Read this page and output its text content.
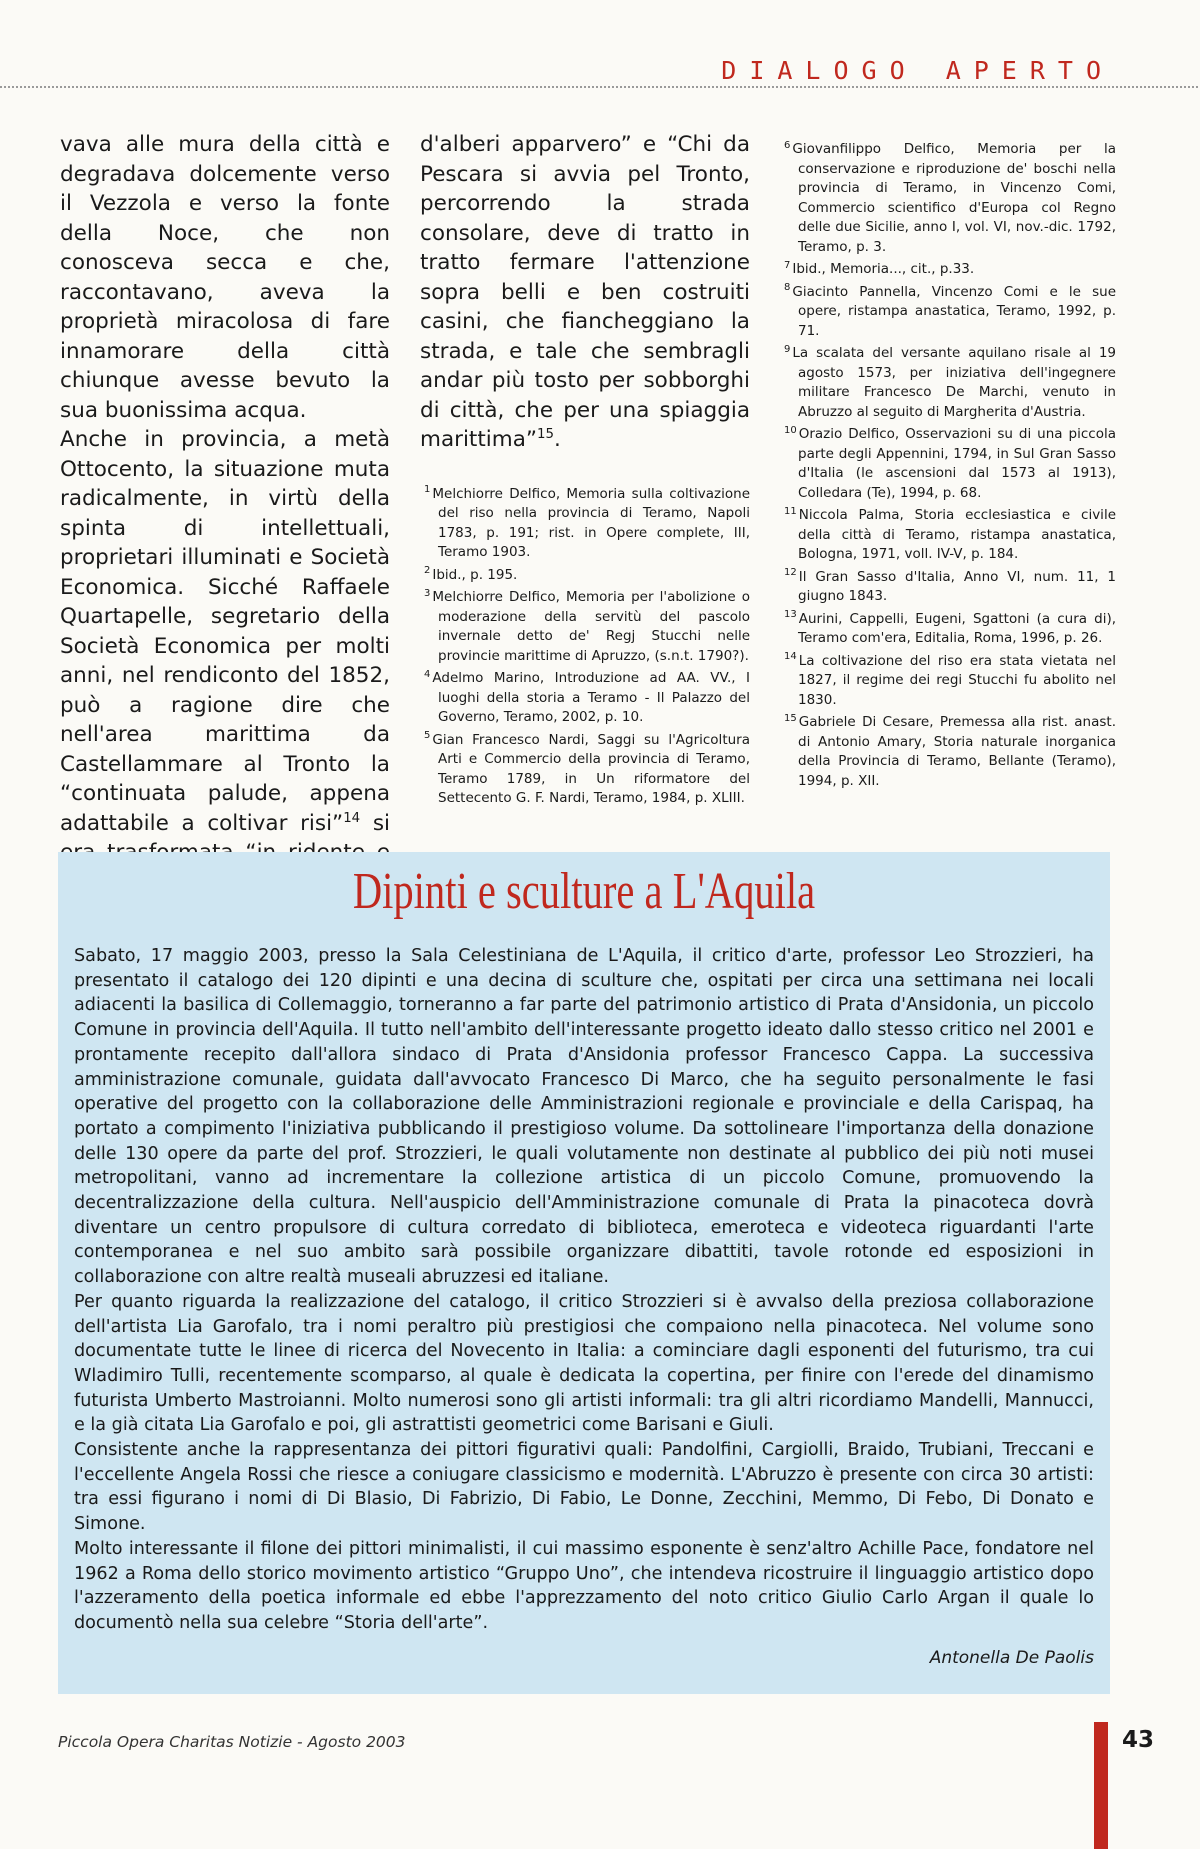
DIALOGO APERTO

vava alle mura della città e degradava dolcemente verso il Vezzola e verso la fonte della Noce, che non conosceva secca e che, raccontavano, aveva la proprietà miracolosa di fare innamorare della città chiunque avesse bevuto la sua buonissima acqua.

Anche in provincia, a metà Ottocento, la situazione muta radicalmente, in virtù della spinta di intellettuali, proprietari illuminati e Società Economica. Sicché Raffaele Quartapelle, segretario della Società Economica per molti anni, nel rendiconto del 1852, può a ragione dire che nell'area marittima da Castellammare al Tronto la “continuata palude, appena adattabile a coltivar risi”$^{14}$ si

d'alberi apparvero” e “Chi da Pescara si avvia pel Tronto, percorrendo la strada consolare, deve di tratto in tratto fermare l'attenzione sopra belli e ben costruiti casini, che fiancheggiano la strada, e tale che sembragli andar più tosto per sobborghi di città, che per una spiaggia marittima”$^{15}$.

$^1$ Melchiorre Delfico, Memoria sulla coltivazione del riso nella provincia di Teramo, Napoli 1783, p. 191; rist. in Opere complete, III, Teramo 1903.

$^2$ Ibid., p. 195.

$^3$ Melchiorre Delfico, Memoria per l'abolizione o moderazione della servitù del pascolo invernale detto de' Regj Stucchi nelle provincie marittime di Apruzzo, (s.n.t. 1790?).

$^4$ Adelmo Marino, Introduzione ad AA. VV., I luoghi della storia a Teramo - Il Palazzo del Governo, Teramo, 2002, p. 10.

$^5$ Gian Francesco Nardi, Saggi su l'Agricoltura Arti e Commercio della provincia di Teramo, Teramo 1789, in Un riformatore del Settecento G. F. Nardi, Teramo, 1984, p. XLIII.

$^6$ Giovanfilippo Delfico, Memoria per la conservazione e riproduzione de' boschi nella provincia di Teramo, in Vincenzo Comi, Commercio scientifico d'Europa col Regno delle due Sicilie, anno I, vol. VI, nov.-dic. 1792, Teramo, p. 3.

$^7$ Ibid., Memoria..., cit., p.33.

$^8$ Giacinto Pannella, Vincenzo Comi e le sue opere, ristampa anastatica, Teramo, 1992, p. 71.

$^9$ La scalata del versante aquilano risale al 19 agosto 1573, per iniziativa dell'ingegnere militare Francesco De Marchi, venuto in Abruzzo al seguito di Margherita d'Austria.

$^{10}$ Orazio Delfico, Osservazioni su di una piccola parte degli Appennini, 1794, in Sul Gran Sasso d'Italia (le ascensioni dal 1573 al 1913), Colledara (Te), 1994, p. 68.

$^{11}$ Niccola Palma, Storia ecclesiastica e civile della città di Teramo, ristampa anastatica, Bologna, 1971, voll. IV-V, p. 184.

$^{12}$ Il Gran Sasso d'Italia, Anno VI, num. 11, 1 giugno 1843.

$^{13}$ Aurini, Cappelli, Eugeni, Sgattoni (a cura di), Teramo com'era, Editalia, Roma, 1996, p. 26.

$^{14}$ La coltivazione del riso era stata vietata nel 1827, il regime dei regi Stucchi fu abolito nel 1830.

$^{15}$ Gabriele Di Cesare, Premessa alla rist. anast. di Antonio Amary, Storia naturale inorganica della Provincia di Teramo, Bellante (Teramo), 1994, p. XII.

Dipinti e sculture a L'Aquila

Sabato, 17 maggio 2003, presso la Sala Celestiniana de L'Aquila, il critico d'arte, professor Leo Strozzieri, ha presentato il catalogo dei 120 dipinti e una decina di sculture che, ospitati per circa una settimana nei locali adiacenti la basilica di Collemaggio, torneranno a far parte del patrimonio artistico di Prata d'Ansidonia, un piccolo Comune in provincia dell'Aquila. Il tutto nell'ambito dell'interessante progetto ideato dallo stesso critico nel 2001 e prontamente recepito dall'allora sindaco di Prata d'Ansidonia professor Francesco Cappa. La successiva amministrazione comunale, guidata dall'avvocato Francesco Di Marco, che ha seguito personalmente le fasi operative del progetto con la collaborazione delle Amministrazioni regionale e provinciale e della Carispaq, ha portato a compimento l'iniziativa pubblicando il prestigioso volume. Da sottolineare l'importanza della donazione delle 130 opere da parte del prof. Strozzieri, le quali volutamente non destinate al pubblico dei più noti musei metropolitani, vanno ad incrementare la collezione artistica di un piccolo Comune, promuovendo la decentralizzazione della cultura. Nell'auspicio dell'Amministrazione comunale di Prata la pinacoteca dovrà diventare un centro propulsore di cultura corredato di biblioteca, emeroteca e videoteca riguardanti l'arte contemporanea e nel suo ambito sarà possibile organizzare dibattiti, tavole rotonde ed esposizioni in collaborazione con altre realtà museali abruzzesi ed italiane.

Per quanto riguarda la realizzazione del catalogo, il critico Strozzieri si è avvalso della preziosa collaborazione dell'artista Lia Garofalo, tra i nomi peraltro più prestigiosi che compaiono nella pinacoteca. Nel volume sono documentate tutte le linee di ricerca del Novecento in Italia: a cominciare dagli esponenti del futurismo, tra cui Wladimiro Tulli, recentemente scomparso, al quale è dedicata la copertina, per finire con l'erede del dinamismo futurista Umberto Mastroianni. Molto numerosi sono gli artisti informali: tra gli altri ricordiamo Mandelli, Mannucci, e la già citata Lia Garofalo e poi, gli astrattisti geometrici come Barisani e Giuli.

Consistente anche la rappresentanza dei pittori figurativi quali: Pandolfini, Cargiolli, Braido, Trubiani, Treccani e l'eccellente Angela Rossi che riesce a coniugare classicismo e modernità. L'Abruzzo è presente con circa 30 artisti: tra essi figurano i nomi di Di Blasio, Di Fabrizio, Di Fabio, Le Donne, Zecchini, Memmo, Di Febo, Di Donato e Simone.

Molto interessante il filone dei pittori minimalisti, il cui massimo esponente è senz'altro Achille Pace, fondatore nel 1962 a Roma dello storico movimento artistico “Gruppo Uno”, che intendeva ricostruire il linguaggio artistico dopo l'azzeramento della poetica informale ed ebbe l'apprezzamento del noto critico Giulio Carlo Argan il quale lo documentò nella sua celebre “Storia dell'arte”.

Antonella De Paolis
Piccola Opera Charitas Notizie - Agosto 2003	43
